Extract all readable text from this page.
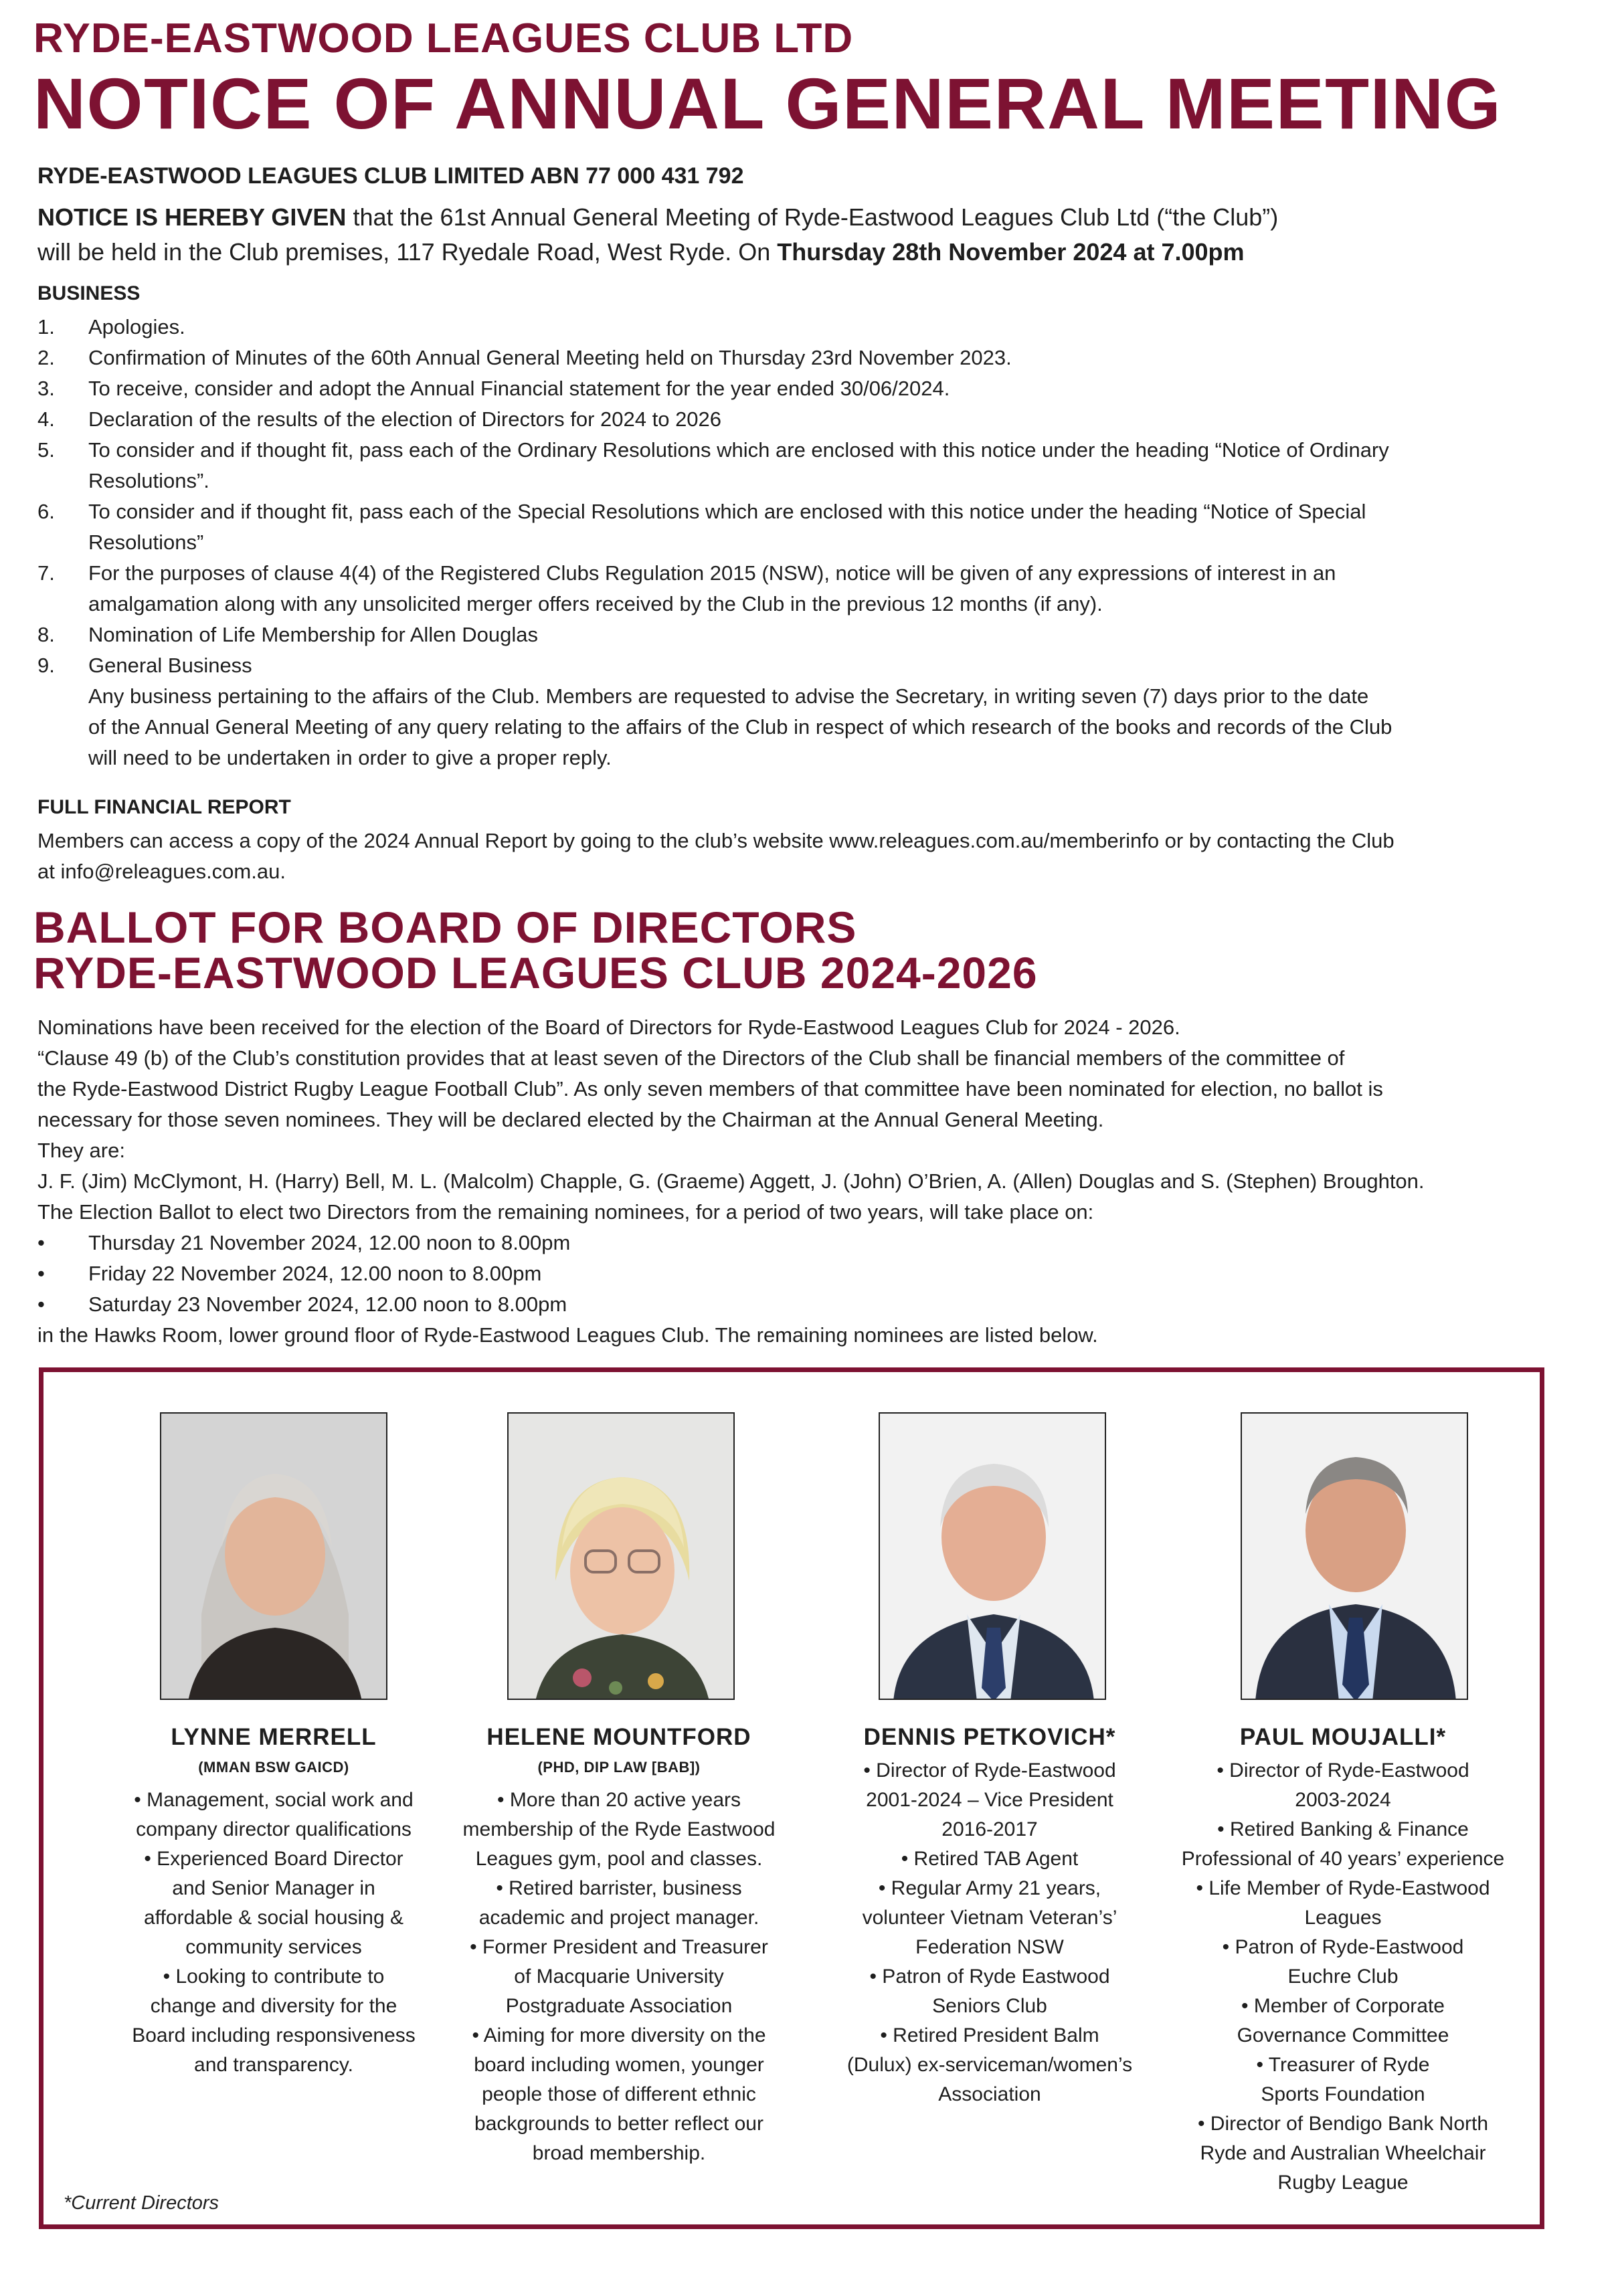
RYDE-EASTWOOD LEAGUES CLUB LTD
NOTICE OF ANNUAL GENERAL MEETING
RYDE-EASTWOOD LEAGUES CLUB LIMITED ABN 77 000 431 792
NOTICE IS HEREBY GIVEN that the 61st Annual General Meeting of Ryde-Eastwood Leagues Club Ltd (“the Club”)
will be held in the Club premises, 117 Ryedale Road, West Ryde. On Thursday 28th November 2024 at 7.00pm
BUSINESS
1. Apologies.
2. Confirmation of Minutes of the 60th Annual General Meeting held on Thursday 23rd November 2023.
3. To receive, consider and adopt the Annual Financial statement for the year ended 30/06/2024.
4. Declaration of the results of the election of Directors for 2024 to 2026
5. To consider and if thought fit, pass each of the Ordinary Resolutions which are enclosed with this notice under the heading “Notice of Ordinary
Resolutions”.
6. To consider and if thought fit, pass each of the Special Resolutions which are enclosed with this notice under the heading “Notice of Special
Resolutions”
7. For the purposes of clause 4(4) of the Registered Clubs Regulation 2015 (NSW), notice will be given of any expressions of interest in an
amalgamation along with any unsolicited merger offers received by the Club in the previous 12 months (if any).
8. Nomination of Life Membership for Allen Douglas
9. General Business
Any business pertaining to the affairs of the Club. Members are requested to advise the Secretary, in writing seven (7) days prior to the date
of the Annual General Meeting of any query relating to the affairs of the Club in respect of which research of the books and records of the Club
will need to be undertaken in order to give a proper reply.
FULL FINANCIAL REPORT
Members can access a copy of the 2024 Annual Report by going to the club’s website www.releagues.com.au/memberinfo or by contacting the Club
at info@releagues.com.au.
BALLOT FOR BOARD OF DIRECTORS
RYDE-EASTWOOD LEAGUES CLUB 2024-2026
Nominations have been received for the election of the Board of Directors for Ryde-Eastwood Leagues Club for 2024 - 2026.
“Clause 49 (b) of the Club’s constitution provides that at least seven of the Directors of the Club shall be financial members of the committee of
the Ryde-Eastwood District Rugby League Football Club”. As only seven members of that committee have been nominated for election, no ballot is
necessary for those seven nominees. They will be declared elected by the Chairman at the Annual General Meeting.
They are:

J. F. (Jim) McClymont, H. (Harry) Bell, M. L. (Malcolm) Chapple, G. (Graeme) Aggett, J. (John) O’Brien, A. (Allen) Douglas and S. (Stephen) Broughton.

The Election Ballot to elect two Directors from the remaining nominees, for a period of two years, will take place on:

• Thursday 21 November 2024, 12.00 noon to 8.00pm
• Friday 22 November 2024, 12.00 noon to 8.00pm
• Saturday 23 November 2024, 12.00 noon to 8.00pm

in the Hawks Room, lower ground floor of Ryde-Eastwood Leagues Club. The remaining nominees are listed below.

LYNNE MERRELL
(MMAN BSW GAICD)
• Management, social work and
company director qualifications
• Experienced Board Director
and Senior Manager in
affordable & social housing &
community services
• Looking to contribute to
change and diversity for the
Board including responsiveness
and transparency.
HELENE MOUNTFORD
(PHD, DIP LAW [BAB])
• More than 20 active years
membership of the Ryde Eastwood
Leagues gym, pool and classes.
• Retired barrister, business
academic and project manager.
• Former President and Treasurer
of Macquarie University
Postgraduate Association
• Aiming for more diversity on the
board including women, younger
people those of different ethnic
backgrounds to better reflect our
broad membership.
DENNIS PETKOVICH*
• Director of Ryde-Eastwood
2001-2024 – Vice President
2016-2017
• Retired TAB Agent
• Regular Army 21 years,
volunteer Vietnam Veteran’s’
Federation NSW
• Patron of Ryde Eastwood
Seniors Club
• Retired President Balm
(Dulux) ex-serviceman/women’s
Association
PAUL MOUJALLI*
• Director of Ryde-Eastwood
2003-2024
• Retired Banking & Finance
Professional of 40 years’ experience
• Life Member of Ryde-Eastwood
Leagues
• Patron of Ryde-Eastwood
Euchre Club
• Member of Corporate
Governance Committee
• Treasurer of Ryde
Sports Foundation
• Director of Bendigo Bank North
Ryde and Australian Wheelchair
Rugby League
*Current Directors
